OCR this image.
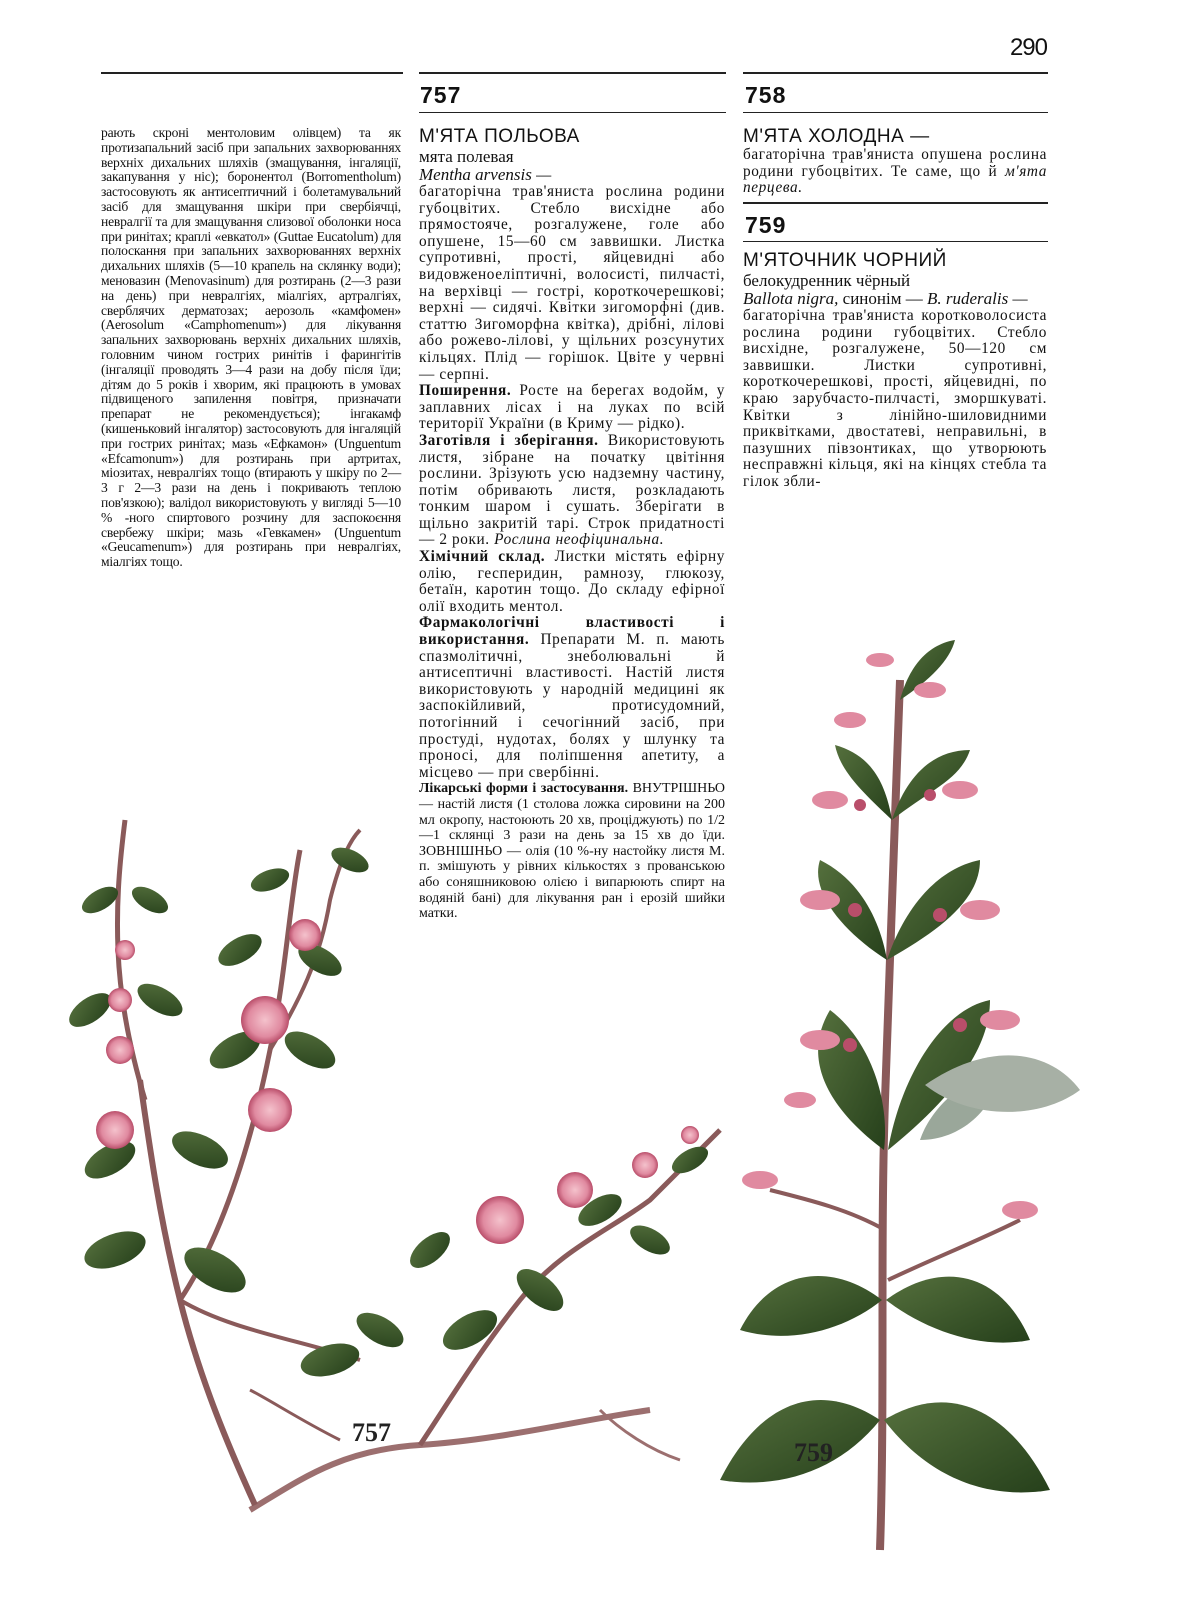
290
757	758
759

рають скроні ментоловим олівцем) та як протизапальний засіб при запальних захворюваннях верхніх дихальних шляхів (змащування, інгаляції, закапування у ніс); боронентол (Borromentholum) застосовують як антисептичний і болетамувальний засіб для змащування шкіри при свербіячці, невралгії та для змащування слизової оболонки носа при ринітах; краплі «евкатол» (Guttae Eucatolum) для полоскання при запальних захворюваннях верхніх дихальних шляхів (5—10 крапель на склянку води); меновазин (Menovasinum) для розтирань (2—3 рази на день) при невралгіях, міалгіях, артралгіях, сверблячих дерматозах; аерозоль «камфомен» (Aerosolum «Camphomenum») для лікування запальних захворювань верхніх дихальних шляхів, головним чином гострих ринітів і фарингітів (інгаляції проводять 3—4 рази на добу після їди; дітям до 5 років і хворим, які працюють в умовах підвищеного запилення повітря, призначати препарат не рекомендується); інгакамф (кишеньковий інгалятор) застосовують для інгаляцій при гострих ринітах; мазь «Ефкамон» (Unguentum «Efcamonum») для розтирань при артритах, міозитах, невралгіях тощо (втирають у шкіру по 2—3 г 2—3 рази на день і покривають теплою пов'язкою); валідол використовують у вигляді 5—10 % -ного спиртового розчину для заспокоєння свербежу шкіри; мазь «Гевкамен» (Unguentum «Geucamenum») для розтирань при невралгіях, міалгіях тощо.

М'ЯТА ПОЛЬОВА
мята полевая
Mentha arvensis —

багаторічна трав'яниста рослина родини губоцвітих. Стебло висхідне або прямостояче, розгалужене, голе або опушене, 15—60 см заввишки. Листка супротивні, прості, яйцевидні або видовженоеліптичні, волосисті, пилчасті, на верхівці — гострі, короткочерешкові; верхні — сидячі. Квітки зигоморфні (див. статтю Зигоморфна квітка), дрібні, лілові або рожево-лілові, у щільних розсунутих кільцях. Плід — горішок. Цвіте у червні — серпні.

Поширення. Росте на берегах водойм, у заплавних лісах і на луках по всій території України (в Криму — рідко).

Заготівля і зберігання. Використовують листя, зібране на початку цвітіння рослини. Зрізують усю надземну частину, потім обривають листя, розкладають тонким шаром і сушать. Зберігати в щільно закритій тарі. Строк придатності — 2 роки. Рослина неофіцинальна.

Хімічний склад. Листки містять ефірну олію, гесперидин, рамнозу, глюкозу, бетаїн, каротин тощо. До складу ефірної олії входить ментол.

Фармакологічні властивості і використання. Препарати М. п. мають спазмолітичні, знеболювальні й антисептичні властивості. Настій листя використовують у народній медицині як заспокійливий, протисудомний, потогінний і сечогінний засіб, при простуді, нудотах, болях у шлунку та проносі, для поліпшення апетиту, а місцево — при свербінні.

Лікарські форми і застосування. ВНУТРІШНЬО — настій листя (1 столова ложка сировини на 200 мл окропу, настоюють 20 хв, проціджують) по 1/2—1 склянці 3 рази на день за 15 хв до їди. ЗОВНІШНЬО — олія (10 %-ну настойку листя М. п. змішують у рівних кількостях з прованською або соняшниковою олією і випарюють спирт на водяній бані) для лікування ран і ерозій шийки матки.

М'ЯТА ХОЛОДНА —

багаторічна трав'яниста опушена рослина родини губоцвітих. Те саме, що й м'ята перцева.

М'ЯТОЧНИК ЧОРНИЙ
белокудренник чёрный
Ballota nigra, синонім — B. ruderalis —

багаторічна трав'яниста коротковолосиста рослина родини губоцвітих. Стебло висхідне, розгалужене, 50—120 см заввишки.	Листки супротивні, короткочерешкові, прості, яйцевидні, по краю зарубчасто-пилчасті, зморшкуваті. Квітки з лінійно-шиловидними приквітками, двостатеві, неправильні, в пазушних півзонтиках, що утворюють несправжні кільця, які на кінцях стебла та гілок збли-

757
759
